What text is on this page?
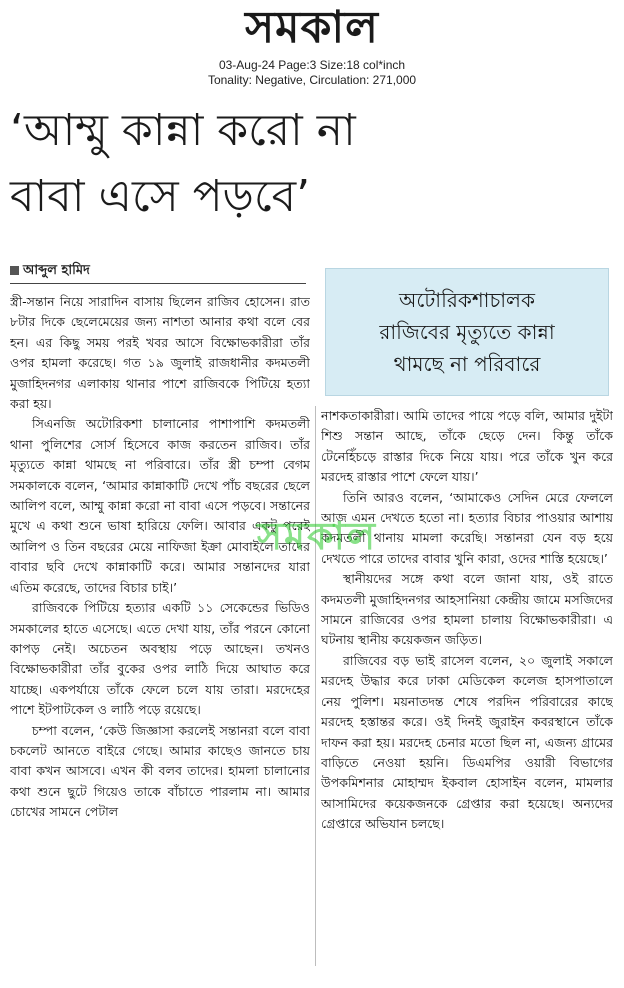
সমকাল
03-Aug-24 Page:3 Size:18 col*inch
Tonality: Negative, Circulation: 271,000
‘আম্মু কান্না করো না
বাবা এসে পড়বে’
আব্দুল হামিদ
অটোরিকশাচালক
রাজিবের মৃত্যুতে কান্না
থামছে না পরিবারে

স্ত্রী-সন্তান নিয়ে সারাদিন বাসায় ছিলেন রাজিব হোসেন। রাত ৮টার দিকে ছেলেমেয়ের জন্য নাশতা আনার কথা বলে বের হন। এর কিছু সময় পরই খবর আসে বিক্ষোভকারীরা তাঁর ওপর হামলা করেছে। গত ১৯ জুলাই রাজধানীর কদমতলী মুজাহিদনগর এলাকায় থানার পাশে রাজিবকে পিটিয়ে হত্যা করা হয়।

সিএনজি অটোরিকশা চালানোর পাশাপাশি কদমতলী থানা পুলিশের সোর্স হিসেবে কাজ করতেন রাজিব। তাঁর মৃত্যুতে কান্না থামছে না পরিবারে। তাঁর স্ত্রী চম্পা বেগম সমকালকে বলেন, ‘আমার কান্নাকাটি দেখে পাঁচ বছরের ছেলে আলিপ বলে, আম্মু কান্না করো না বাবা এসে পড়বে। সন্তানের মুখে এ কথা শুনে ভাষা হারিয়ে ফেলি। আবার একটু পরেই আলিপ ও তিন বছরের মেয়ে নাফিজা ইক্রা মোবাইলে তাদের বাবার ছবি দেখে কান্নাকাটি করে। আমার সন্তানদের যারা এতিম করেছে, তাদের বিচার চাই।’

রাজিবকে পিটিয়ে হত্যার একটি ১১ সেকেন্ডের ভিডিও সমকালের হাতে এসেছে। এতে দেখা যায়, তাঁর পরনে কোনো কাপড় নেই। অচেতন অবস্থায় পড়ে আছেন। তখনও বিক্ষোভকারীরা তাঁর বুকের ওপর লাঠি দিয়ে আঘাত করে যাচ্ছে। একপর্যায়ে তাঁকে ফেলে চলে যায় তারা। মরদেহের পাশে ইটপাটকেল ও লাঠি পড়ে রয়েছে।

চম্পা বলেন, ‘কেউ জিজ্ঞাসা করলেই সন্তানরা বলে বাবা চকলেট আনতে বাইরে গেছে। আমার কাছেও জানতে চায় বাবা কখন আসবে। এখন কী বলব তাদের। হামলা চালানোর কথা শুনে ছুটে গিয়েও তাকে বাঁচাতে পারলাম না। আমার চোখের সামনে পেটাল

নাশকতাকারীরা। আমি তাদের পায়ে পড়ে বলি, আমার দুইটা শিশু সন্তান আছে, তাঁকে ছেড়ে দেন। কিন্তু তাঁকে টেনেহিঁচড়ে রাস্তার দিকে নিয়ে যায়। পরে তাঁকে খুন করে মরদেহ রাস্তার পাশে ফেলে যায়।’

তিনি আরও বলেন, ‘আমাকেও সেদিন মেরে ফেললে আজ এমন দেখতে হতো না। হত্যার বিচার পাওয়ার আশায় কদমতলী থানায় মামলা করেছি। সন্তানরা যেন বড় হয়ে দেখতে পারে তাদের বাবার খুনি কারা, ওদের শাস্তি হয়েছে।’

স্থানীয়দের সঙ্গে কথা বলে জানা যায়, ওই রাতে কদমতলী মুজাহিদনগর আহসানিয়া কেন্দ্রীয় জামে মসজিদের সামনে রাজিবের ওপর হামলা চালায় বিক্ষোভকারীরা। এ ঘটনায় স্থানীয় কয়েকজন জড়িত।

রাজিবের বড় ভাই রাসেল বলেন, ২০ জুলাই সকালে মরদেহ উদ্ধার করে ঢাকা মেডিকেল কলেজ হাসপাতালে নেয় পুলিশ। ময়নাতদন্ত শেষে পরদিন পরিবারের কাছে মরদেহ হস্তান্তর করে। ওই দিনই জুরাইন কবরস্থানে তাঁকে দাফন করা হয়। মরদেহ চেনার মতো ছিল না, এজন্য গ্রামের বাড়িতে নেওয়া হয়নি। ডিএমপির ওয়ারী বিভাগের উপকমিশনার মোহাম্মদ ইকবাল হোসাইন বলেন, মামলার আসামিদের কয়েকজনকে গ্রেপ্তার করা হয়েছে। অন্যদের গ্রেপ্তারে অভিযান চলছে।

সমকাল
